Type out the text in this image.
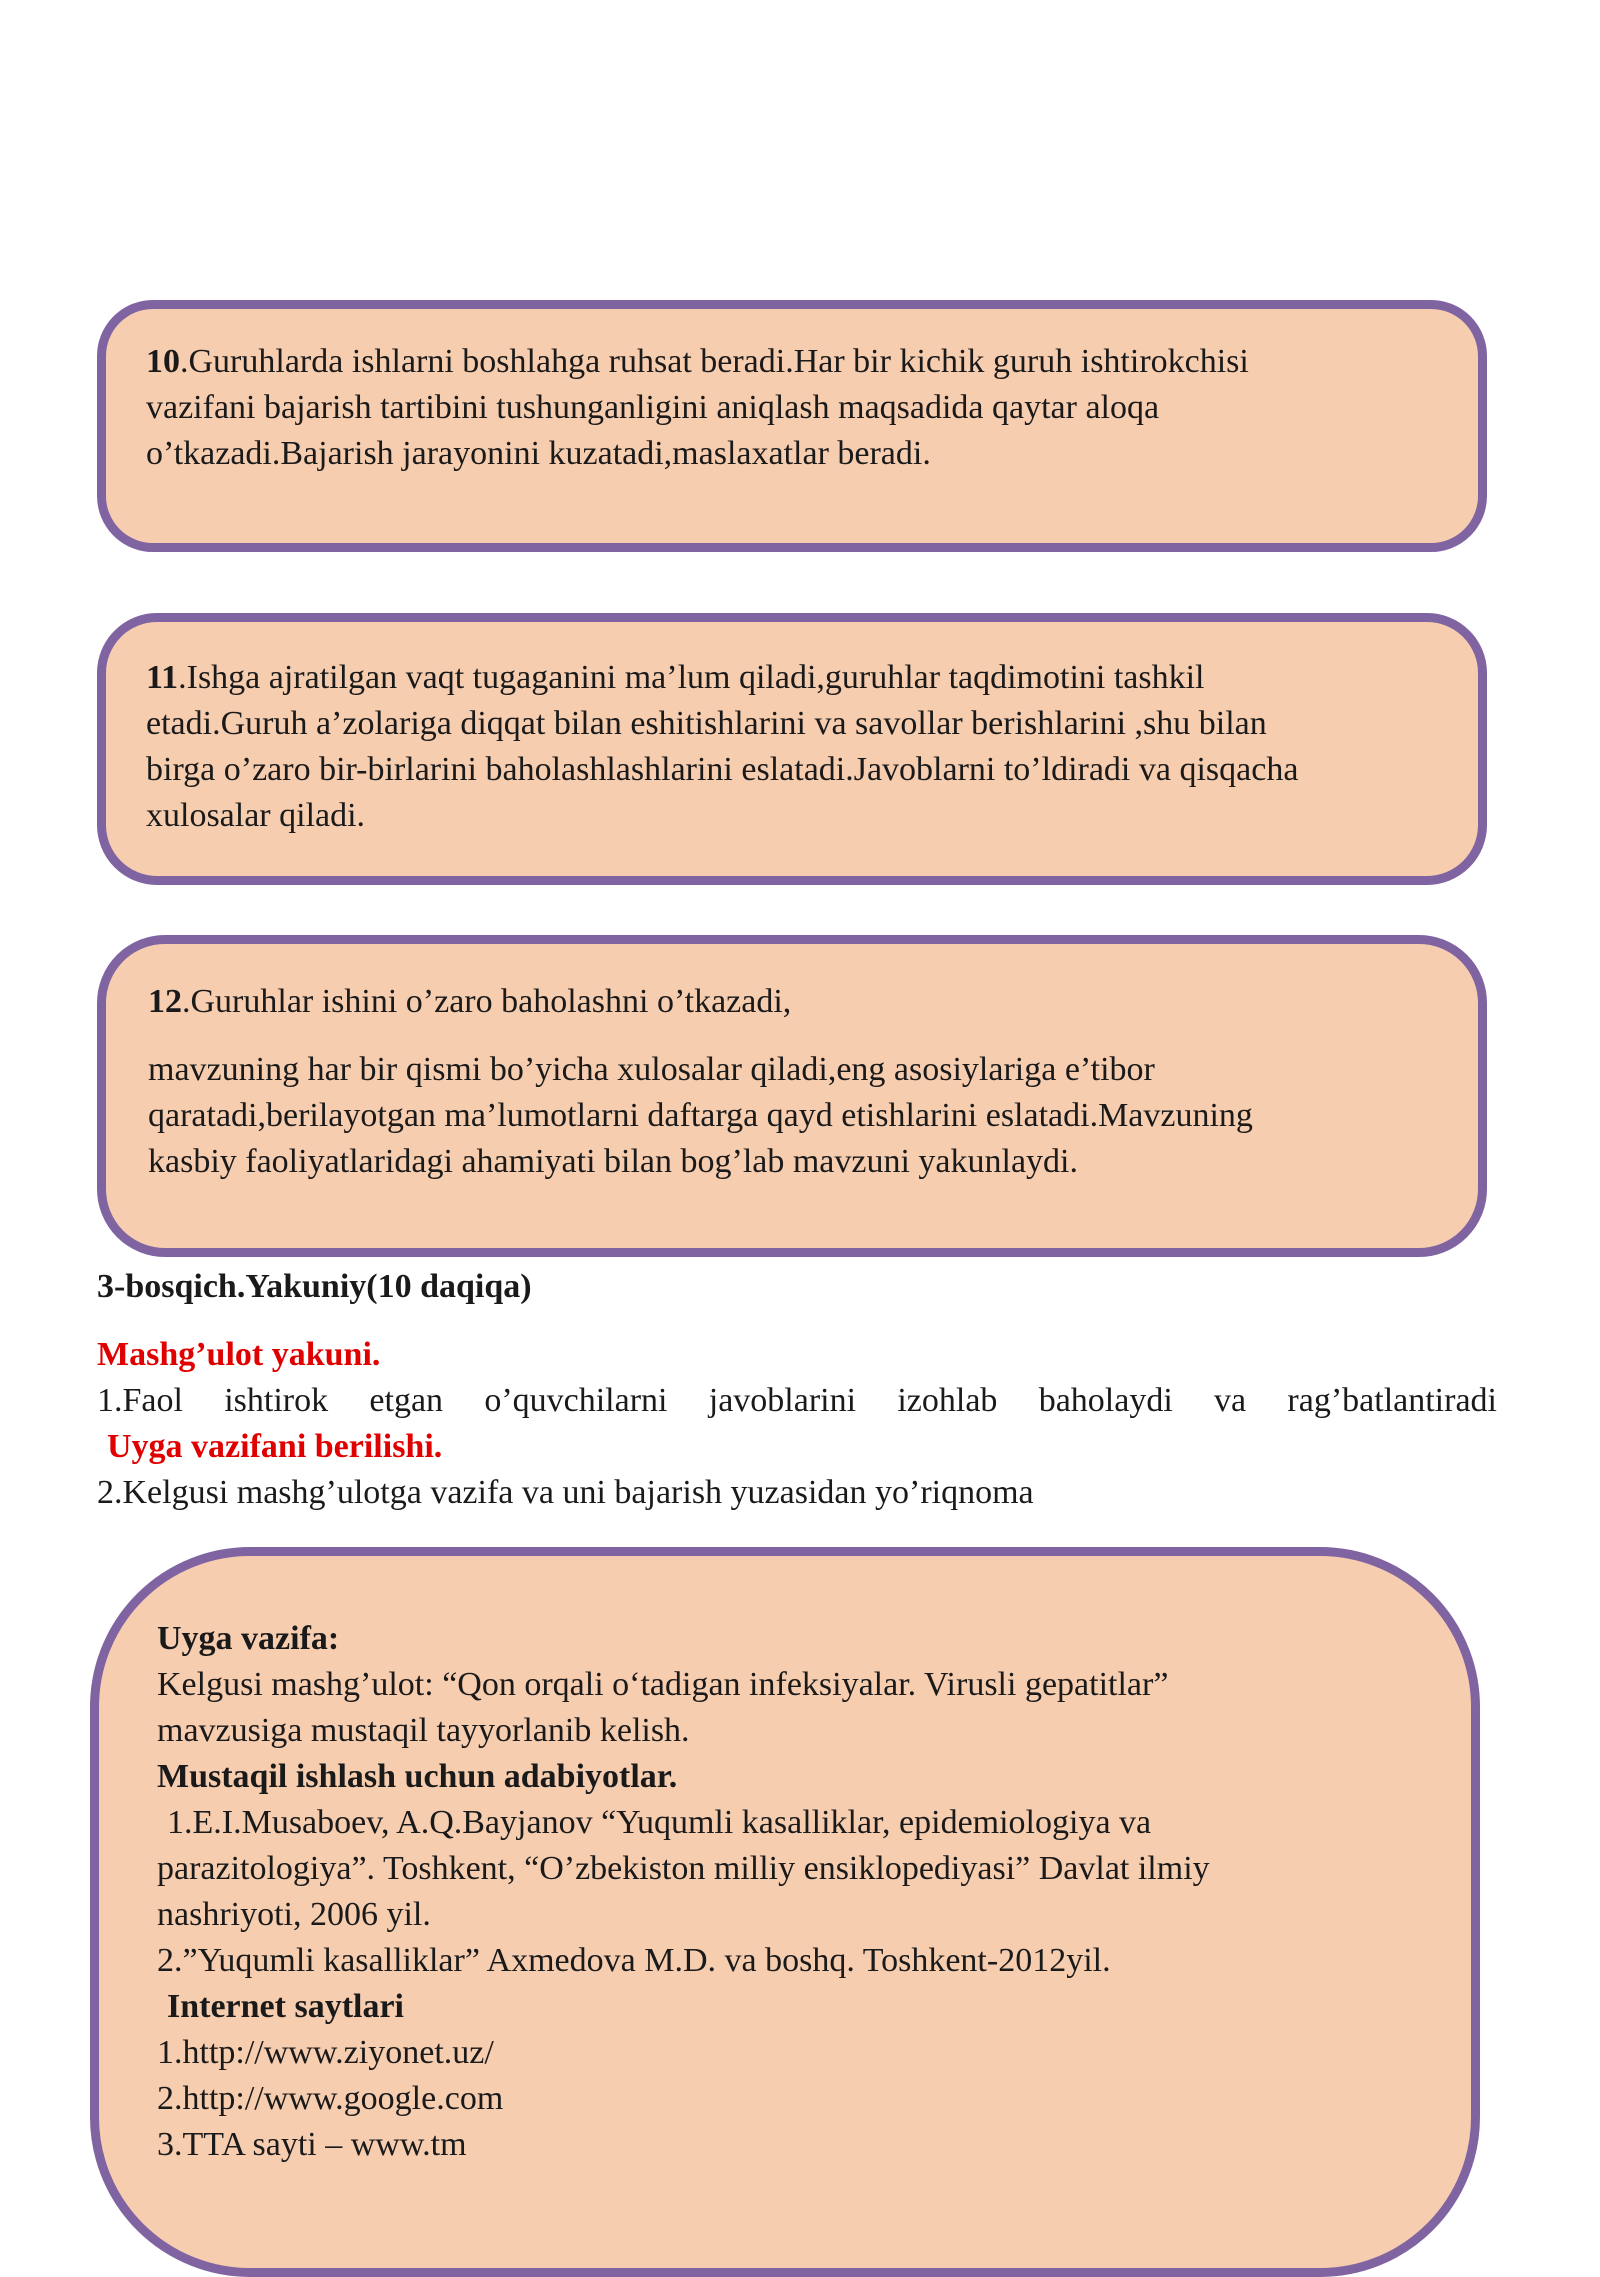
10.Guruhlarda ishlarni boshlahga ruhsat beradi.Har bir kichik guruh ishtirokchisi

vazifani bajarish tartibini tushunganligini aniqlash maqsadida qaytar aloqa

o’tkazadi.Bajarish jarayonini kuzatadi,maslaxatlar beradi.

11.Ishga ajratilgan vaqt tugaganini ma’lum qiladi,guruhlar taqdimotini tashkil

etadi.Guruh a’zolariga diqqat bilan eshitishlarini va savollar berishlarini ,shu bilan

birga o’zaro bir-birlarini baholashlashlarini eslatadi.Javoblarni to’ldiradi va qisqacha

xulosalar qiladi.

12.Guruhlar ishini o’zaro baholashni o’tkazadi,

mavzuning har bir qismi bo’yicha xulosalar qiladi,eng asosiylariga e’tibor

qaratadi,berilayotgan ma’lumotlarni daftarga qayd etishlarini eslatadi.Mavzuning

kasbiy faoliyatlaridagi ahamiyati bilan bog’lab mavzuni yakunlaydi.

3-bosqich.Yakuniy(10 daqiqa)

Mashg’ulot yakuni.

1.Faol ishtirok etgan o’quvchilarni javoblarini izohlab baholaydi va rag’batlantiradi

Uyga vazifani berilishi.

2.Kelgusi mashg’ulotga vazifa va uni bajarish yuzasidan yo’riqnoma

Uyga vazifa:

Kelgusi mashg’ulot: “Qon orqali o‘tadigan infeksiyalar. Virusli gepatitlar”

mavzusiga mustaqil tayyorlanib kelish.

Mustaqil ishlash uchun adabiyotlar.

1.E.I.Musaboev, A.Q.Bayjanov “Yuqumli kasalliklar, epidemiologiya va

parazitologiya”. Toshkent, “O’zbekiston milliy ensiklopediyasi” Davlat ilmiy

nashriyoti, 2006 yil.

2.”Yuqumli kasalliklar” Axmedova M.D. va boshq. Toshkent-2012yil.

Internet saytlari

1.http://www.ziyonet.uz/

2.http://www.google.com

3.TTA sayti – www.tm
